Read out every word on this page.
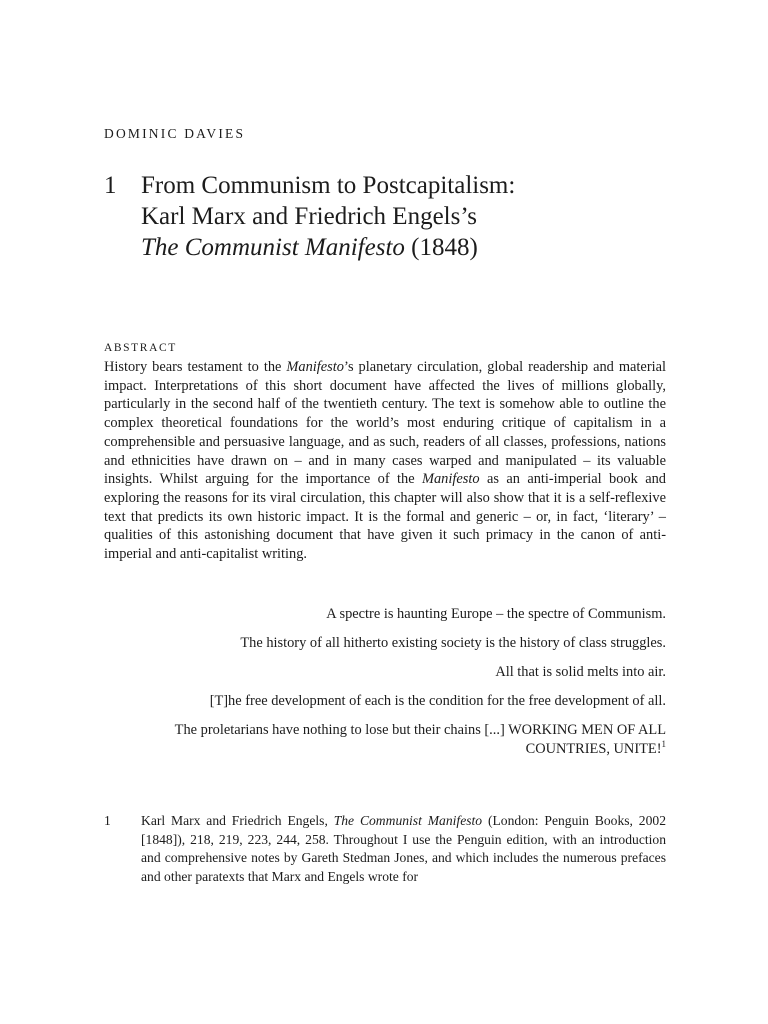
DOMINIC DAVIES
1 From Communism to Postcapitalism:
Karl Marx and Friedrich Engels’s
The Communist Manifesto (1848)
ABSTRACT
History bears testament to the Manifesto’s planetary circulation, global readership and material impact. Interpretations of this short document have affected the lives of millions globally, particularly in the second half of the twentieth century. The text is somehow able to outline the complex theoretical foundations for the world’s most enduring critique of capitalism in a comprehensible and persuasive language, and as such, readers of all classes, professions, nations and ethnicities have drawn on – and in many cases warped and manipulated – its valuable insights. Whilst arguing for the importance of the Manifesto as an anti-imperial book and exploring the reasons for its viral circulation, this chapter will also show that it is a self-reflexive text that predicts its own historic impact. It is the formal and generic – or, in fact, ‘literary’ – qualities of this astonishing document that have given it such primacy in the canon of anti-imperial and anti-capitalist writing.
A spectre is haunting Europe – the spectre of Communism.
The history of all hitherto existing society is the history of class struggles.
All that is solid melts into air.
[T]he free development of each is the condition for the free development of all.
The proletarians have nothing to lose but their chains [...] WORKING MEN OF ALL COUNTRIES, UNITE!$^1$
1 Karl Marx and Friedrich Engels, The Communist Manifesto (London: Penguin Books, 2002 [1848]), 218, 219, 223, 244, 258. Throughout I use the Penguin edition, with an introduction and comprehensive notes by Gareth Stedman Jones, and which includes the numerous prefaces and other paratexts that Marx and Engels wrote for
